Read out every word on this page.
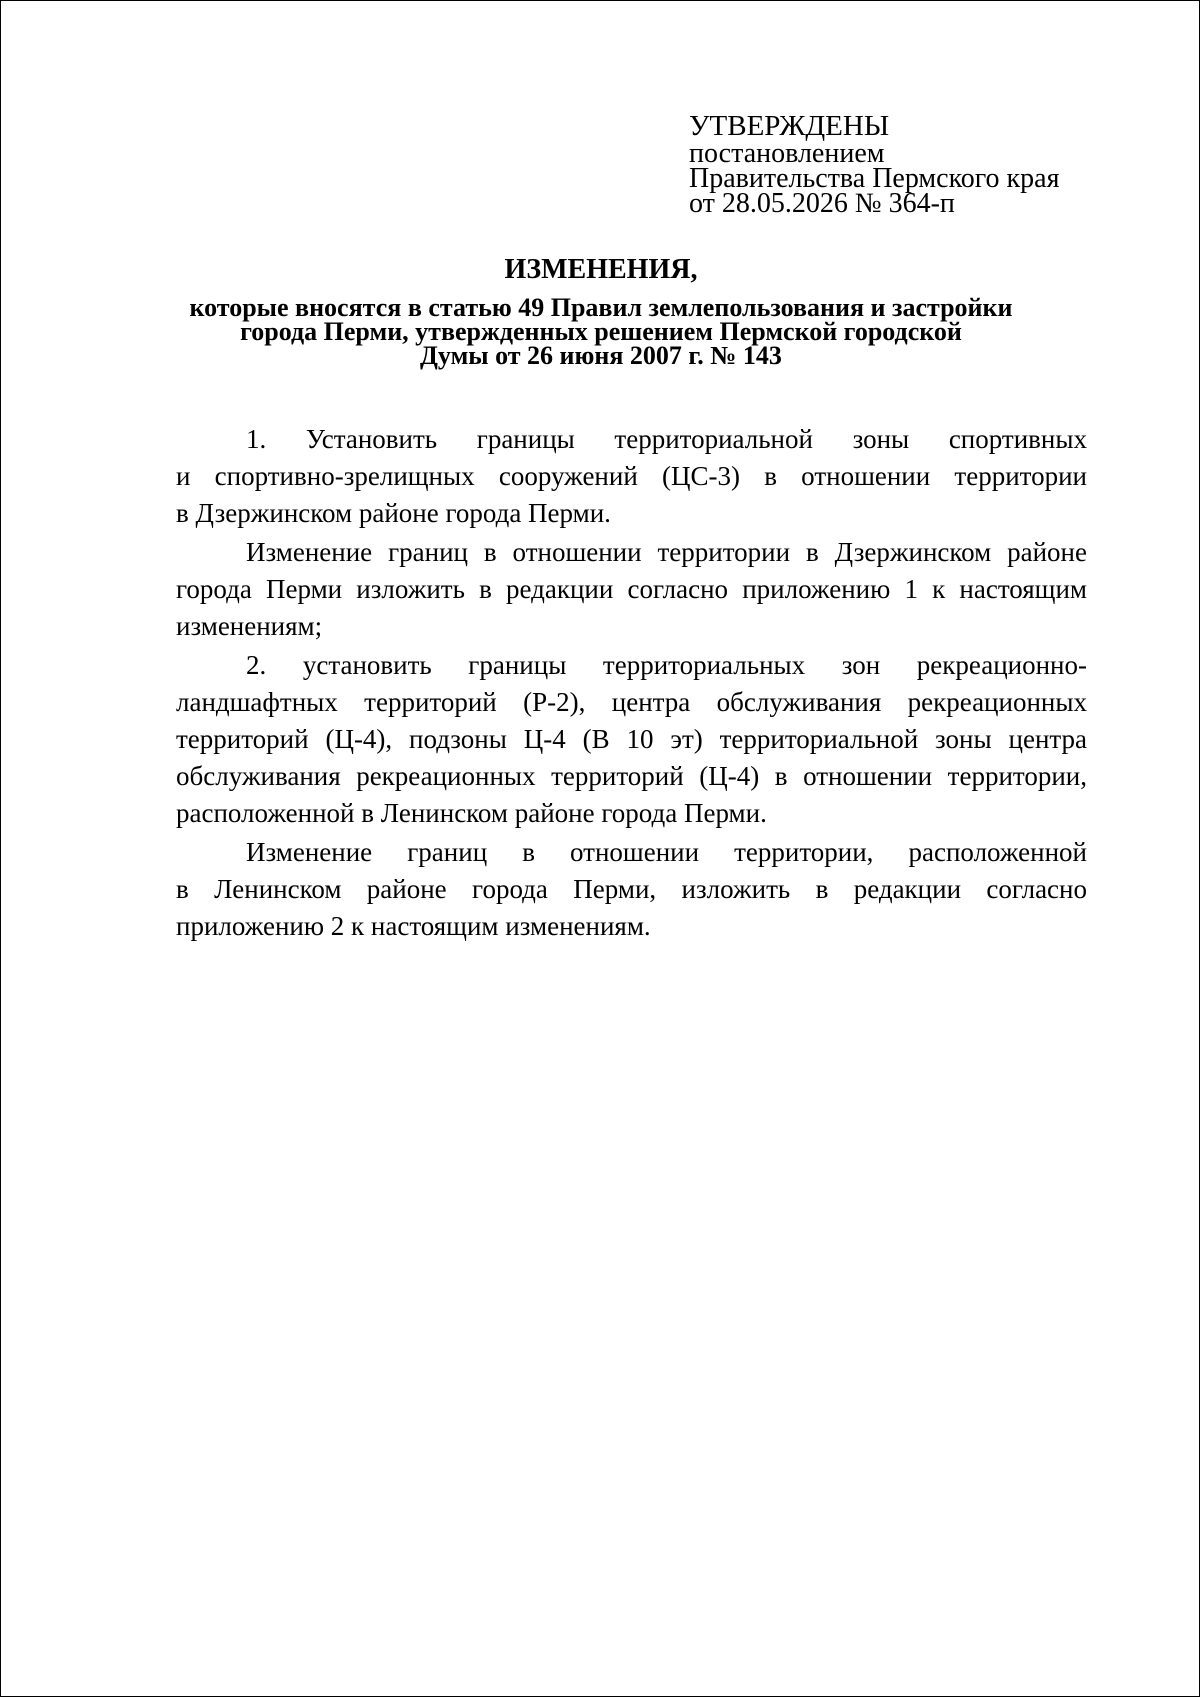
УТВЕРЖДЕНЫ
постановлением
Правительства Пермского края
от 28.05.2026 № 364-п
ИЗМЕНЕНИЯ,
которые вносятся в статью 49 Правил землепользования и застройки
города Перми, утвержденных решением Пермской городской
Думы от 26 июня 2007 г. № 143
1. Установить границы территориальной зоны спортивных
и спортивно-зрелищных сооружений (ЦС-3) в отношении территории
в Дзержинском районе города Перми.
Изменение границ в отношении территории в Дзержинском районе
города Перми изложить в редакции согласно приложению 1 к настоящим
изменениям;
2. установить границы территориальных зон рекреационно-
ландшафтных территорий (Р-2), центра обслуживания рекреационных
территорий (Ц-4), подзоны Ц-4 (В 10 эт) территориальной зоны центра
обслуживания рекреационных территорий (Ц-4) в отношении территории,
расположенной в Ленинском районе города Перми.
Изменение границ в отношении территории, расположенной
в Ленинском районе города Перми, изложить в редакции согласно
приложению 2 к настоящим изменениям.
